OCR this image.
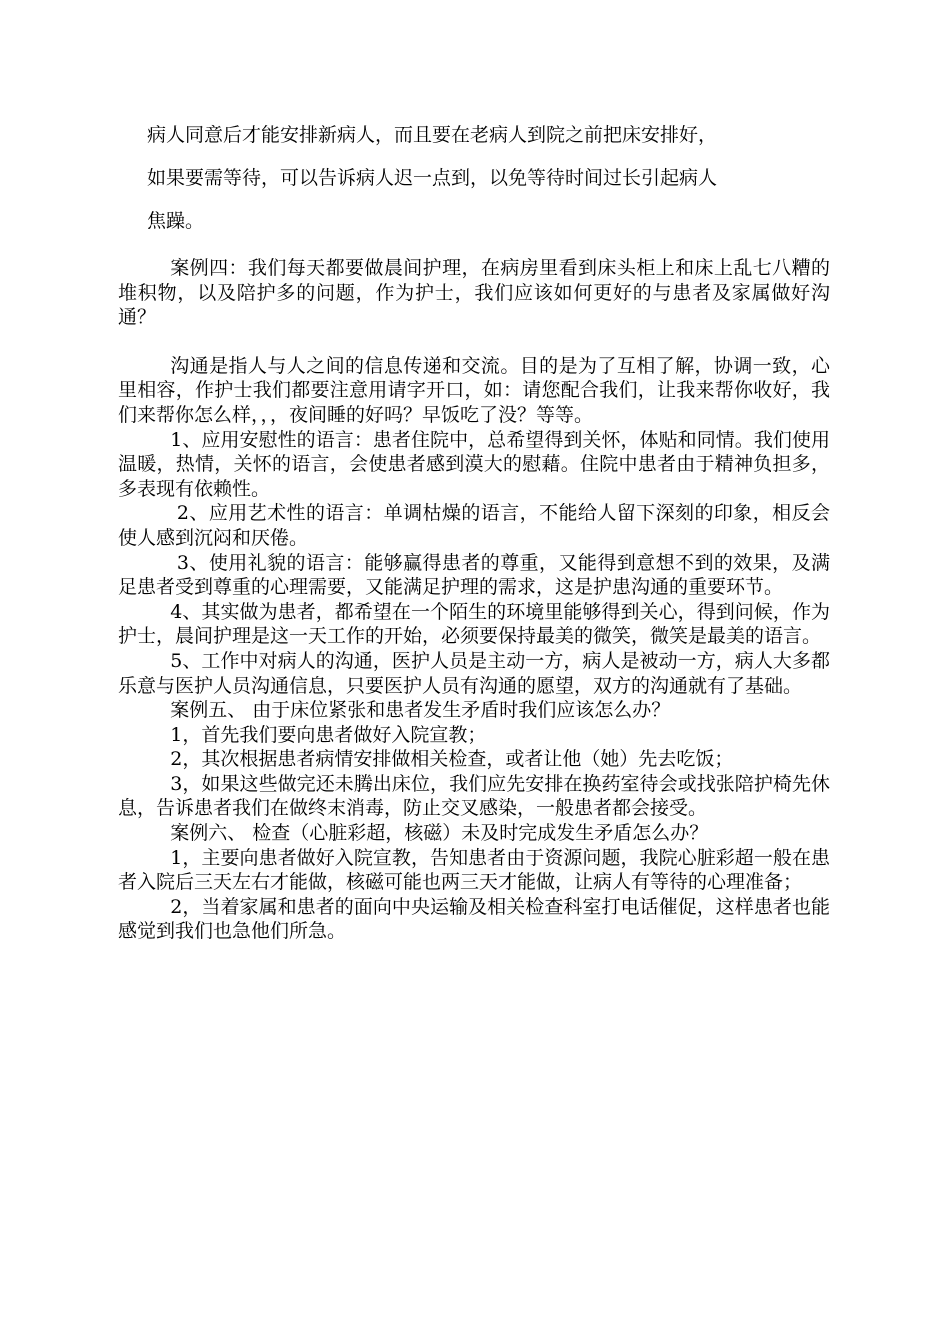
病人同意后才能安排新病人，而且要在老病人到院之前把床安排好，

如果要需等待，可以告诉病人迟一点到，以免等待时间过长引起病人

焦躁。

案例四：我们每天都要做晨间护理，在病房里看到床头柜上和床上乱七八糟的堆积物，以及陪护多的问题，作为护士，我们应该如何更好的与患者及家属做好沟通？

沟通是指人与人之间的信息传递和交流。目的是为了互相了解，协调一致，心里相容，作护士我们都要注意用请字开口，如：请您配合我们，让我来帮你收好，我们来帮你怎么样，，，夜间睡的好吗？早饭吃了没？等等。

1、应用安慰性的语言：患者住院中，总希望得到关怀，体贴和同情。我们使用温暖，热情，关怀的语言，会使患者感到漠大的慰藉。住院中患者由于精神负担多，多表现有依赖性。

2、应用艺术性的语言：单调枯燥的语言，不能给人留下深刻的印象，相反会使人感到沉闷和厌倦。

3、使用礼貌的语言：能够赢得患者的尊重，又能得到意想不到的效果，及满足患者受到尊重的心理需要，又能满足护理的需求，这是护患沟通的重要环节。

4、其实做为患者，都希望在一个陌生的环境里能够得到关心，得到问候，作为护士，晨间护理是这一天工作的开始，必须要保持最美的微笑，微笑是最美的语言。

5、工作中对病人的沟通，医护人员是主动一方，病人是被动一方，病人大多都乐意与医护人员沟通信息，只要医护人员有沟通的愿望，双方的沟通就有了基础。

案例五、 由于床位紧张和患者发生矛盾时我们应该怎么办？

1，首先我们要向患者做好入院宣教；

2，其次根据患者病情安排做相关检查，或者让他（她）先去吃饭；

3，如果这些做完还未腾出床位，我们应先安排在换药室待会或找张陪护椅先休息，告诉患者我们在做终末消毒，防止交叉感染，一般患者都会接受。

案例六、 检查（心脏彩超，核磁）未及时完成发生矛盾怎么办？

1，主要向患者做好入院宣教，告知患者由于资源问题，我院心脏彩超一般在患者入院后三天左右才能做，核磁可能也两三天才能做，让病人有等待的心理准备；

2，当着家属和患者的面向中央运输及相关检查科室打电话催促，这样患者也能感觉到我们也急他们所急。
